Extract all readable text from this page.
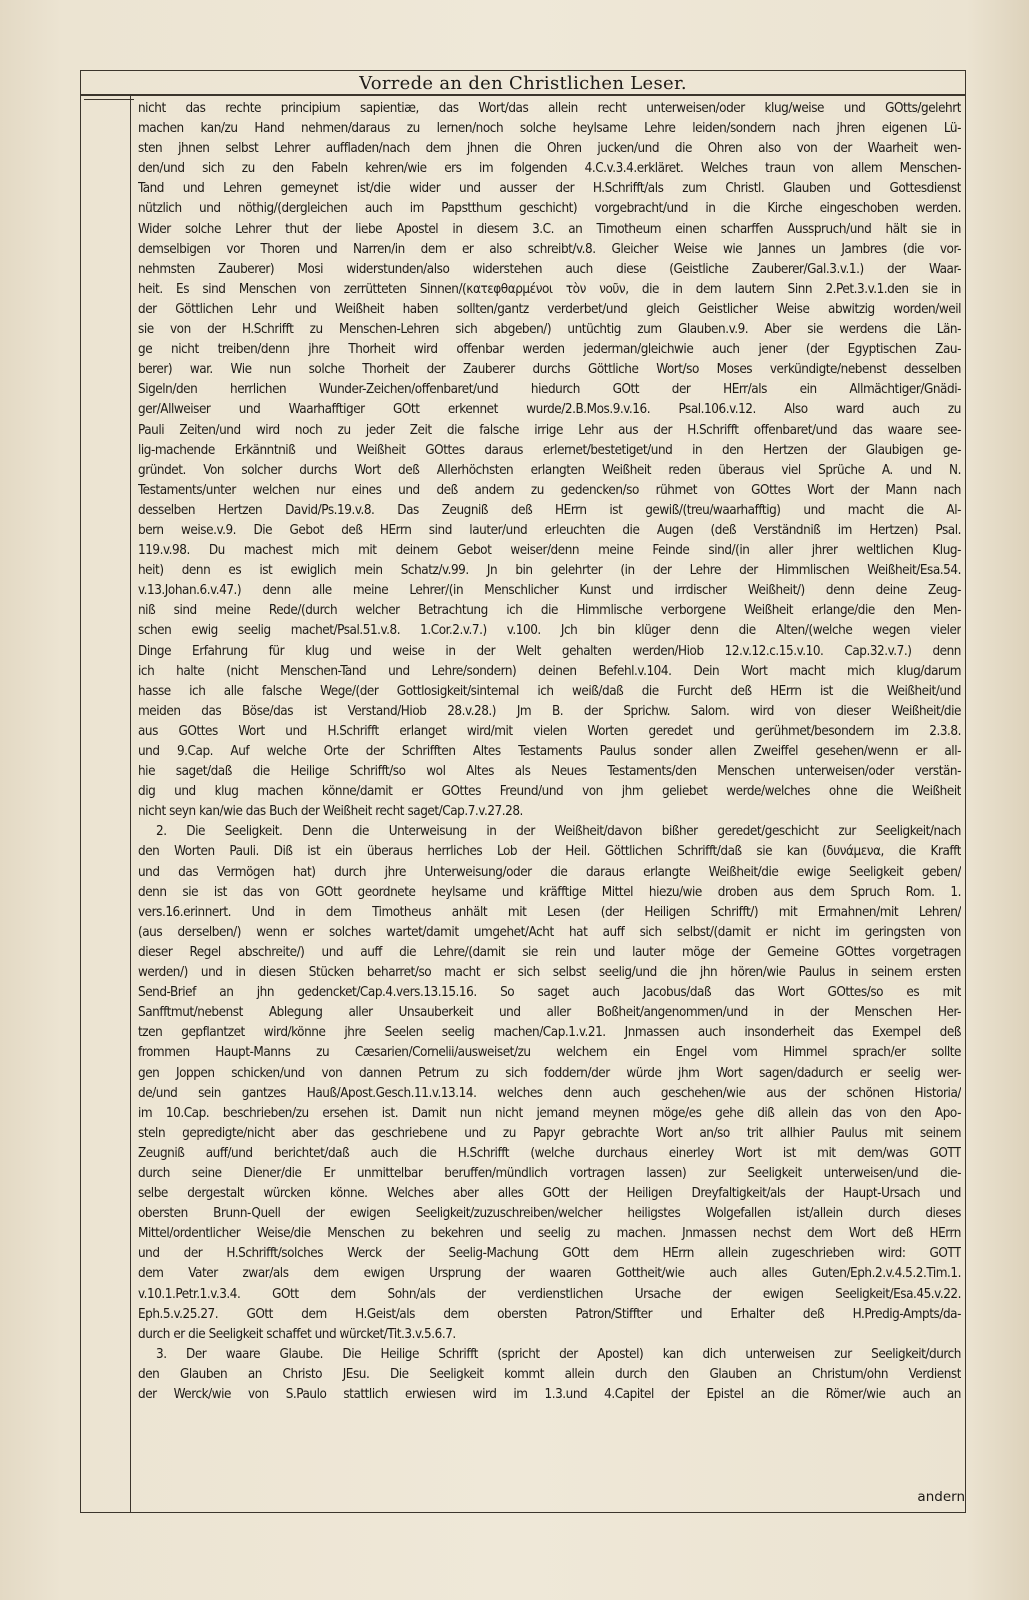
Vorrede an den Christlichen Leser.
nicht das rechte principium sapientiæ, das Wort/das allein recht unterweisen/oder klug/weise und GOtts/gelehrt
machen kan/zu Hand nehmen/daraus zu lernen/noch solche heylsame Lehre leiden/sondern nach jhren eigenen Lü-
sten jhnen selbst Lehrer auffladen/nach dem jhnen die Ohren jucken/und die Ohren also von der Waarheit wen-
den/und sich zu den Fabeln kehren/wie ers im folgenden 4.C.v.3.4.erkläret. Welches traun von allem Menschen-
Tand und Lehren gemeynet ist/die wider und ausser der H.Schrifft/als zum Christl. Glauben und Gottesdienst
nützlich und nöthig/(dergleichen auch im Papstthum geschicht) vorgebracht/und in die Kirche eingeschoben werden.
Wider solche Lehrer thut der liebe Apostel in diesem 3.C. an Timotheum einen scharffen Ausspruch/und hält sie in
demselbigen vor Thoren und Narren/in dem er also schreibt/v.8. Gleicher Weise wie Jannes un Jambres (die vor-
nehmsten Zauberer) Mosi widerstunden/also widerstehen auch diese (Geistliche Zauberer/Gal.3.v.1.) der Waar-
heit. Es sind Menschen von zerrütteten Sinnen/(κατεφθαρμένοι τὸν νοῦν, die in dem lautern Sinn 2.Pet.3.v.1.den sie in
der Göttlichen Lehr und Weißheit haben sollten/gantz verderbet/und gleich Geistlicher Weise abwitzig worden/weil
sie von der H.Schrifft zu Menschen-Lehren sich abgeben/) untüchtig zum Glauben.v.9. Aber sie werdens die Län-
ge nicht treiben/denn jhre Thorheit wird offenbar werden jederman/gleichwie auch jener (der Egyptischen Zau-
berer) war. Wie nun solche Thorheit der Zauberer durchs Göttliche Wort/so Moses verkündigte/nebenst desselben
Sigeln/den herrlichen Wunder-Zeichen/offenbaret/und hiedurch GOtt der HErr/als ein Allmächtiger/Gnädi-
ger/Allweiser und Waarhafftiger GOtt erkennet wurde/2.B.Mos.9.v.16. Psal.106.v.12. Also ward auch zu
Pauli Zeiten/und wird noch zu jeder Zeit die falsche irrige Lehr aus der H.Schrifft offenbaret/und das waare see-
lig-machende Erkänntniß und Weißheit GOttes daraus erlernet/bestetiget/und in den Hertzen der Glaubigen ge-
gründet. Von solcher durchs Wort deß Allerhöchsten erlangten Weißheit reden überaus viel Sprüche A. und N.
Testaments/unter welchen nur eines und deß andern zu gedencken/so rühmet von GOttes Wort der Mann nach
desselben Hertzen David/Ps.19.v.8. Das Zeugniß deß HErrn ist gewiß/(treu/waarhafftig) und macht die Al-
bern weise.v.9. Die Gebot deß HErrn sind lauter/und erleuchten die Augen (deß Verständniß im Hertzen) Psal.
119.v.98. Du machest mich mit deinem Gebot weiser/denn meine Feinde sind/(in aller jhrer weltlichen Klug-
heit) denn es ist ewiglich mein Schatz/v.99. Jn bin gelehrter (in der Lehre der Himmlischen Weißheit/Esa.54.
v.13.Johan.6.v.47.) denn alle meine Lehrer/(in Menschlicher Kunst und irrdischer Weißheit/) denn deine Zeug-
niß sind meine Rede/(durch welcher Betrachtung ich die Himmlische verborgene Weißheit erlange/die den Men-
schen ewig seelig machet/Psal.51.v.8. 1.Cor.2.v.7.) v.100. Jch bin klüger denn die Alten/(welche wegen vieler
Dinge Erfahrung für klug und weise in der Welt gehalten werden/Hiob 12.v.12.c.15.v.10. Cap.32.v.7.) denn
ich halte (nicht Menschen-Tand und Lehre/sondern) deinen Befehl.v.104. Dein Wort macht mich klug/darum
hasse ich alle falsche Wege/(der Gottlosigkeit/sintemal ich weiß/daß die Furcht deß HErrn ist die Weißheit/und
meiden das Böse/das ist Verstand/Hiob 28.v.28.) Jm B. der Sprichw. Salom. wird von dieser Weißheit/die
aus GOttes Wort und H.Schrifft erlanget wird/mit vielen Worten geredet und gerühmet/besondern im 2.3.8.
und 9.Cap. Auf welche Orte der Schrifften Altes Testaments Paulus sonder allen Zweiffel gesehen/wenn er all-
hie saget/daß die Heilige Schrifft/so wol Altes als Neues Testaments/den Menschen unterweisen/oder verstän-
dig und klug machen könne/damit er GOttes Freund/und von jhm geliebet werde/welches ohne die Weißheit
nicht seyn kan/wie das Buch der Weißheit recht saget/Cap.7.v.27.28.
2. Die Seeligkeit. Denn die Unterweisung in der Weißheit/davon bißher geredet/geschicht zur Seeligkeit/nach
den Worten Pauli. Diß ist ein überaus herrliches Lob der Heil. Göttlichen Schrifft/daß sie kan (δυνάμενα, die Krafft
und das Vermögen hat) durch jhre Unterweisung/oder die daraus erlangte Weißheit/die ewige Seeligkeit geben/
denn sie ist das von GOtt geordnete heylsame und kräfftige Mittel hiezu/wie droben aus dem Spruch Rom. 1.
vers.16.erinnert. Und in dem Timotheus anhält mit Lesen (der Heiligen Schrifft/) mit Ermahnen/mit Lehren/
(aus derselben/) wenn er solches wartet/damit umgehet/Acht hat auff sich selbst/(damit er nicht im geringsten von
dieser Regel abschreite/) und auff die Lehre/(damit sie rein und lauter möge der Gemeine GOttes vorgetragen
werden/) und in diesen Stücken beharret/so macht er sich selbst seelig/und die jhn hören/wie Paulus in seinem ersten
Send-Brief an jhn gedencket/Cap.4.vers.13.15.16. So saget auch Jacobus/daß das Wort GOttes/so es mit
Sanfftmut/nebenst Ablegung aller Unsauberkeit und aller Boßheit/angenommen/und in der Menschen Her-
tzen gepflantzet wird/könne jhre Seelen seelig machen/Cap.1.v.21. Jnmassen auch insonderheit das Exempel deß
frommen Haupt-Manns zu Cæsarien/Cornelii/ausweiset/zu welchem ein Engel vom Himmel sprach/er sollte
gen Joppen schicken/und von dannen Petrum zu sich foddern/der würde jhm Wort sagen/dadurch er seelig wer-
de/und sein gantzes Hauß/Apost.Gesch.11.v.13.14. welches denn auch geschehen/wie aus der schönen Historia/
im 10.Cap. beschrieben/zu ersehen ist. Damit nun nicht jemand meynen möge/es gehe diß allein das von den Apo-
steln gepredigte/nicht aber das geschriebene und zu Papyr gebrachte Wort an/so trit allhier Paulus mit seinem
Zeugniß auff/und berichtet/daß auch die H.Schrifft (welche durchaus einerley Wort ist mit dem/was GOTT
durch seine Diener/die Er unmittelbar beruffen/mündlich vortragen lassen) zur Seeligkeit unterweisen/und die-
selbe dergestalt würcken könne. Welches aber alles GOtt der Heiligen Dreyfaltigkeit/als der Haupt-Ursach und
obersten Brunn-Quell der ewigen Seeligkeit/zuzuschreiben/welcher heiligstes Wolgefallen ist/allein durch dieses
Mittel/ordentlicher Weise/die Menschen zu bekehren und seelig zu machen. Jnmassen nechst dem Wort deß HErrn
und der H.Schrifft/solches Werck der Seelig-Machung GOtt dem HErrn allein zugeschrieben wird: GOTT
dem Vater zwar/als dem ewigen Ursprung der waaren Gottheit/wie auch alles Guten/Eph.2.v.4.5.2.Tim.1.
v.10.1.Petr.1.v.3.4. GOtt dem Sohn/als der verdienstlichen Ursache der ewigen Seeligkeit/Esa.45.v.22.
Eph.5.v.25.27. GOtt dem H.Geist/als dem obersten Patron/Stiffter und Erhalter deß H.Predig-Ampts/da-
durch er die Seeligkeit schaffet und würcket/Tit.3.v.5.6.7.
3. Der waare Glaube. Die Heilige Schrifft (spricht der Apostel) kan dich unterweisen zur Seeligkeit/durch
den Glauben an Christo JEsu. Die Seeligkeit kommt allein durch den Glauben an Christum/ohn Verdienst
der Werck/wie von S.Paulo stattlich erwiesen wird im 1.3.und 4.Capitel der Epistel an die Römer/wie auch an
andern
